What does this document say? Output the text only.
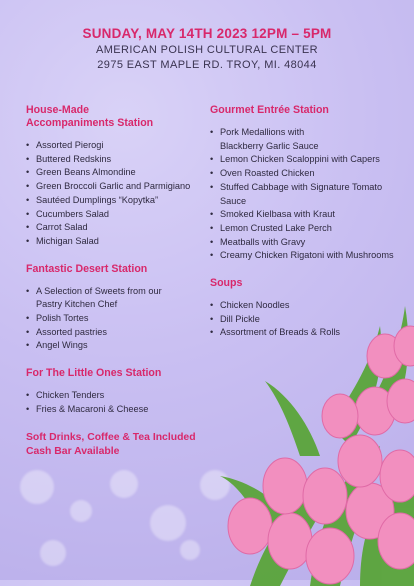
SUNDAY, MAY 14TH 2023 12PM – 5PM
AMERICAN POLISH CULTURAL CENTER
2975 EAST MAPLE RD. TROY, MI. 48044
House-Made Accompaniments Station
• Assorted Pierogi
• Buttered Redskins
• Green Beans Almondine
• Green Broccoli Garlic and Parmigiano
• Sautéed Dumplings “Kopytka”
• Cucumbers Salad
• Carrot Salad
• Michigan Salad
Fantastic Desert Station
• A Selection of Sweets from our Pastry Kitchen Chef
• Polish Tortes
• Assorted pastries
• Angel Wings
For The Little Ones Station
• Chicken Tenders
• Fries & Macaroni & Cheese
Soft Drinks, Coffee & Tea Included Cash Bar Available
Gourmet Entrée Station
• Pork Medallions with Blackberry Garlic Sauce
• Lemon Chicken Scaloppini with Capers
• Oven Roasted Chicken
• Stuffed Cabbage with Signature Tomato Sauce
• Smoked Kielbasa with Kraut
• Lemon Crusted Lake Perch
• Meatballs with Gravy
• Creamy Chicken Rigatoni with Mushrooms
Soups
• Chicken Noodles
• Dill Pickle
• Assortment of Breads & Rolls
